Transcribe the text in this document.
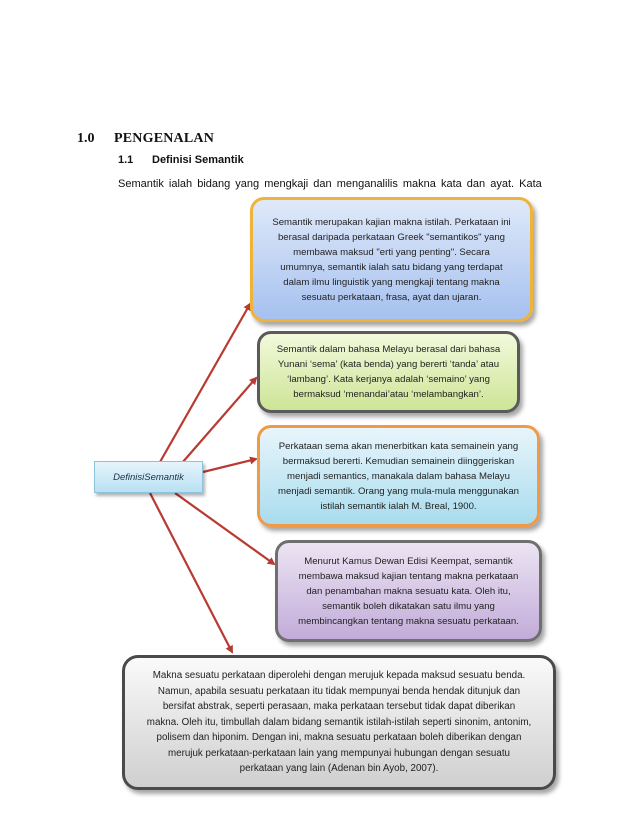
1.0 PENGENALAN
1.1 Definisi Semantik
Semantik ialah bidang yang mengkaji dan menganalilis makna kata dan ayat. Kata
DefinisiSemantik
Semantik merupakan kajian makna istilah. Perkataan ini
berasal daripada perkataan Greek "semantikos" yang
membawa maksud "erti yang penting". Secara
umumnya, semantik ialah satu bidang yang terdapat
dalam ilmu linguistik yang mengkaji tentang makna
sesuatu perkataan, frasa, ayat dan ujaran.
Semantik dalam bahasa Melayu berasal dari bahasa
Yunani ‘sema’ (kata benda) yang bererti ‘tanda’ atau
‘lambang’. Kata kerjanya adalah ‘semaino’ yang
bermaksud ‘menandai’atau ‘melambangkan’.
Perkataan sema akan menerbitkan kata semainein yang
bermaksud bererti. Kemudian semainein diinggeriskan
menjadi semantics, manakala dalam bahasa Melayu
menjadi semantik. Orang yang mula-mula menggunakan
istilah semantik ialah M. Breal, 1900.
Menurut Kamus Dewan Edisi Keempat, semantik
membawa maksud kajian tentang makna perkataan
dan penambahan makna sesuatu kata. Oleh itu,
semantik boleh dikatakan satu ilmu yang
membincangkan tentang makna sesuatu perkataan.
Makna sesuatu perkataan diperolehi dengan merujuk kepada maksud sesuatu benda.
Namun, apabila sesuatu perkataan itu tidak mempunyai benda hendak ditunjuk dan
bersifat abstrak, seperti perasaan, maka perkataan tersebut tidak dapat diberikan
makna. Oleh itu, timbullah dalam bidang semantik istilah-istilah seperti sinonim, antonim,
polisem dan hiponim. Dengan ini, makna sesuatu perkataan boleh diberikan dengan
merujuk perkataan-perkataan lain yang mempunyai hubungan dengan sesuatu
perkataan yang lain (Adenan bin Ayob, 2007).
